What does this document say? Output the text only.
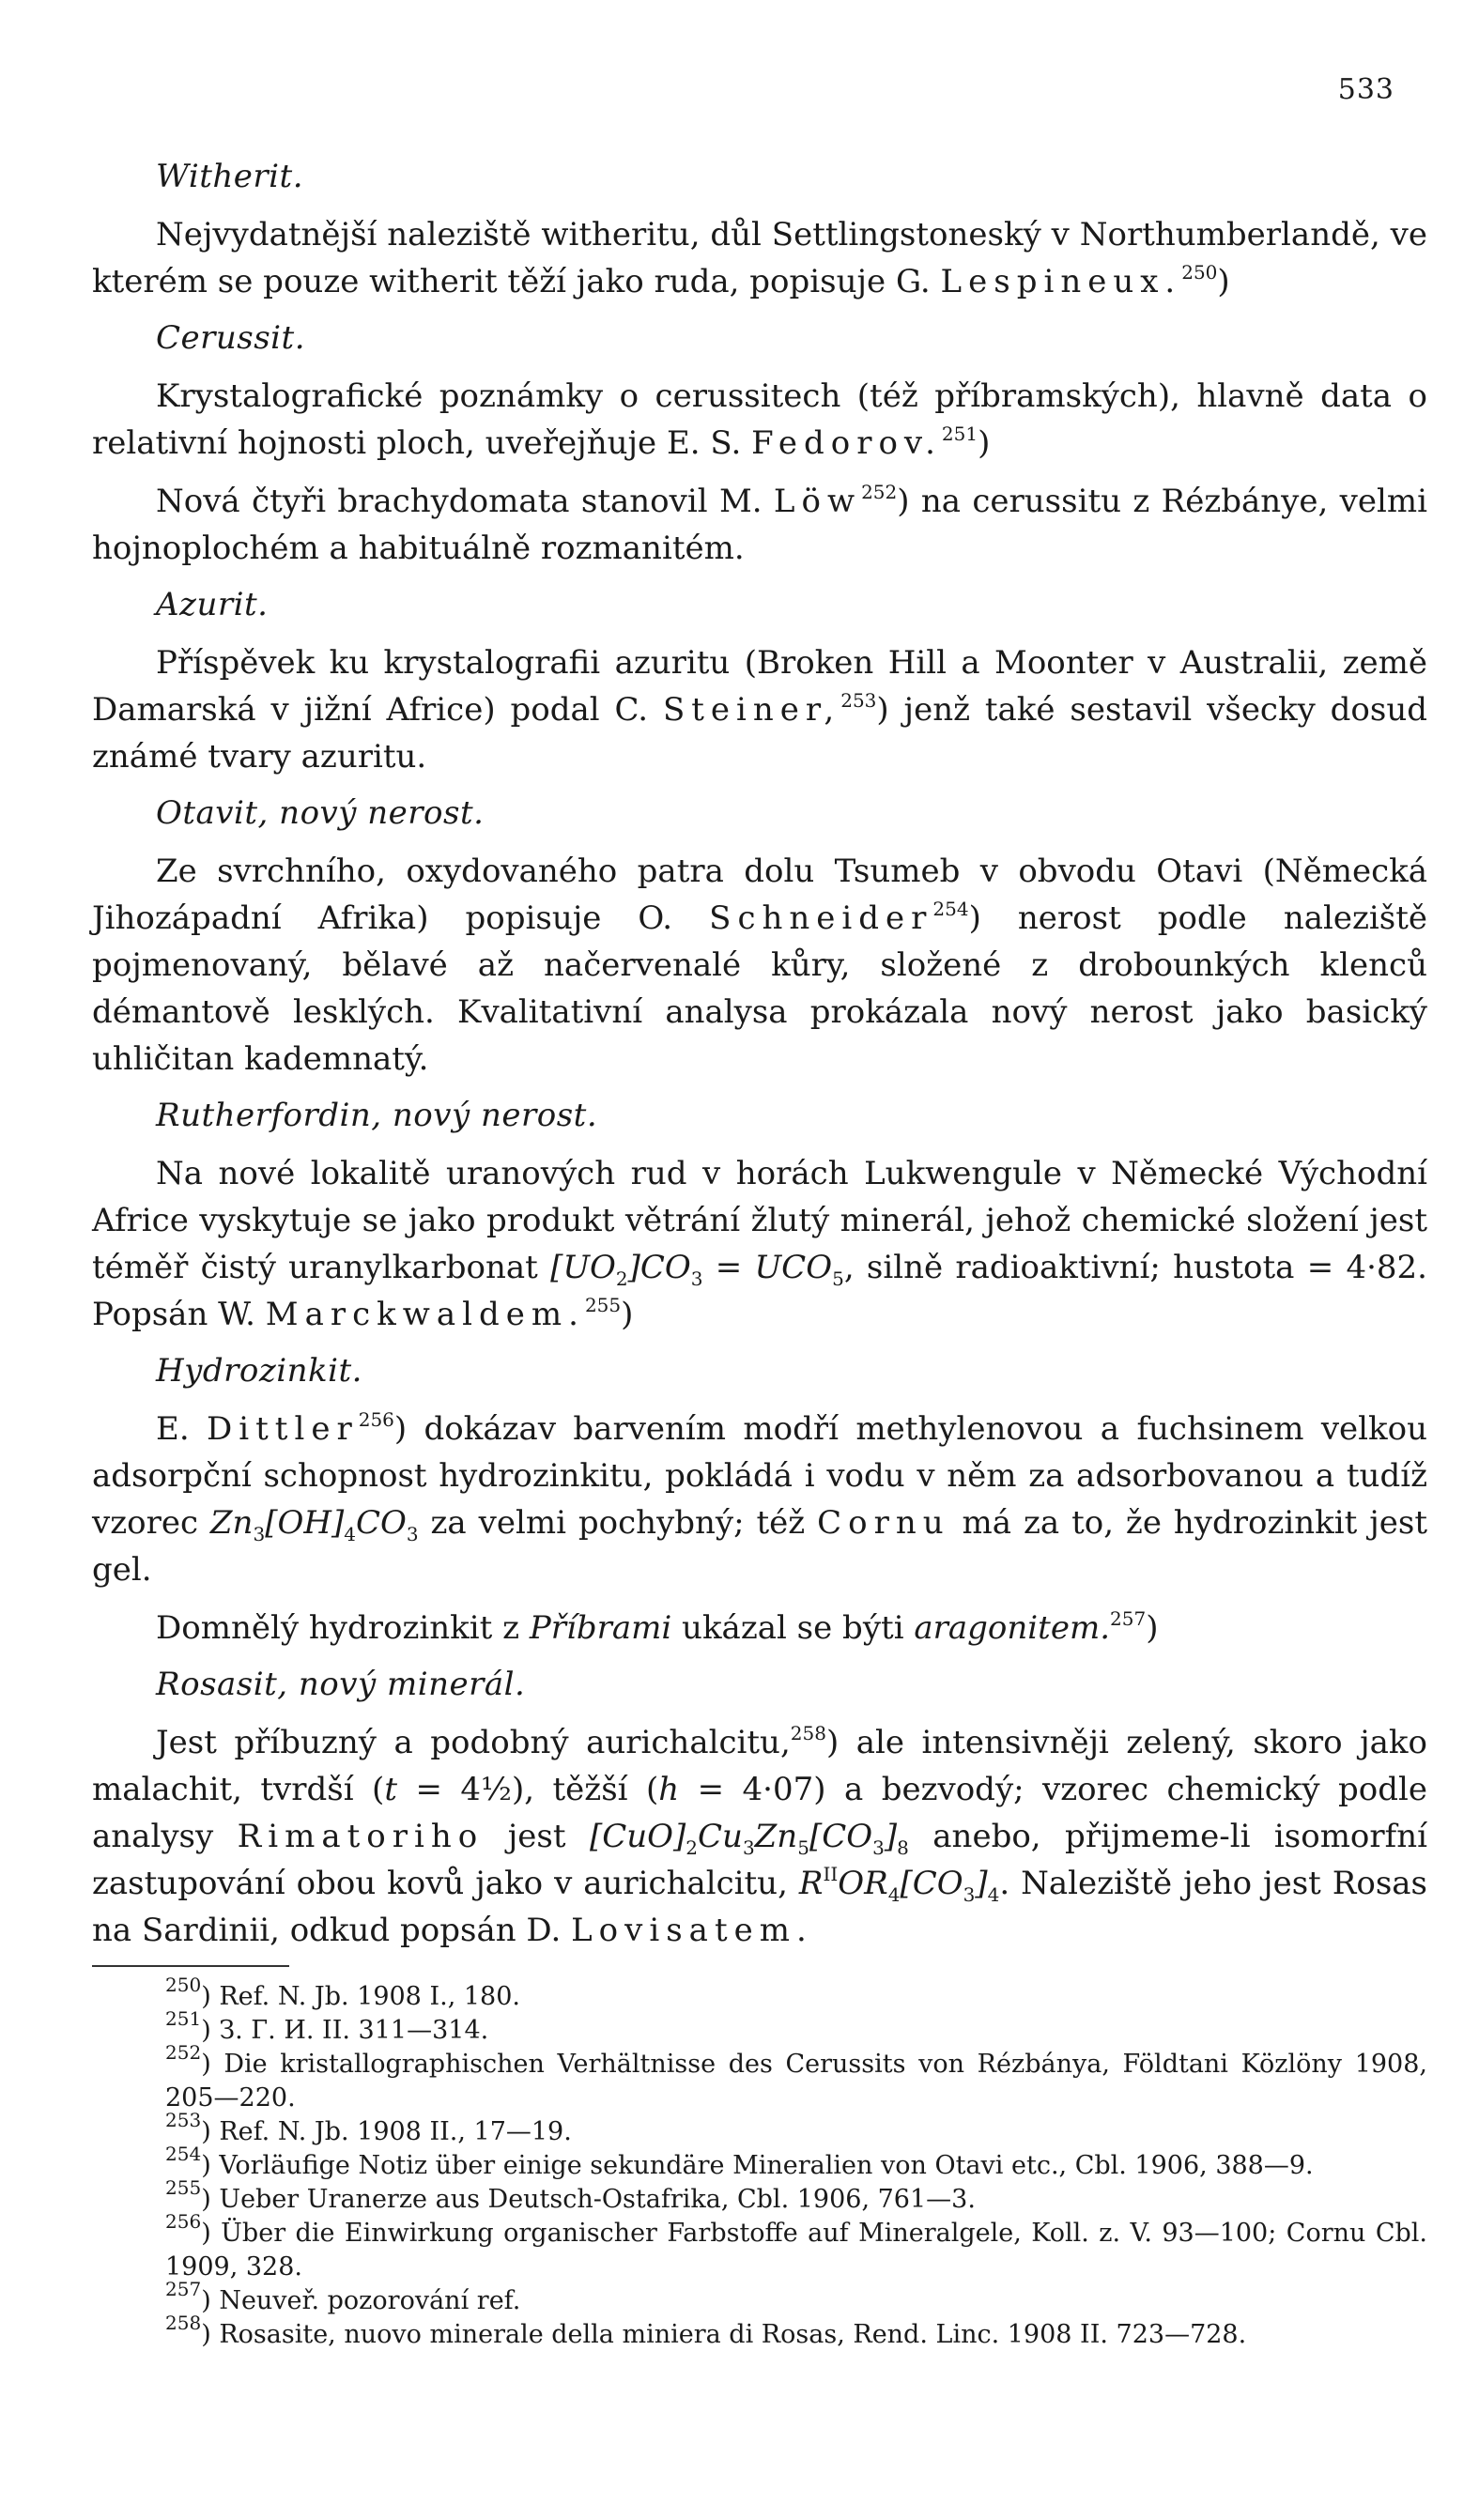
533
Witherit.

Nejvydatnější naleziště witheritu, důl Settlingstoneský v Northumberlandě, ve kterém se pouze witherit těží jako ruda, popisuje G. Lespineux.$^{250}$)

Cerussit.

Krystalografické poznámky o cerussitech (též příbramských), hlavně data o relativní hojnosti ploch, uveřejňuje E. S. Fedorov.$^{251}$)

Nová čtyři brachydomata stanovil M. Löw$^{252}$) na cerussitu z Rézbánye, velmi hojnoplochém a habituálně rozmanitém.

Azurit.

Příspěvek ku krystalografii azuritu (Broken Hill a Moonter v Australii, země Damarská v jižní Africe) podal C. Steiner,$^{253}$) jenž také sestavil všecky dosud známé tvary azuritu.

Otavit, nový nerost.

Ze svrchního, oxydovaného patra dolu Tsumeb v obvodu Otavi (Německá Jihozápadní Afrika) popisuje O. Schneider$^{254}$) nerost podle naleziště pojmenovaný, bělavé až načervenalé kůry, složené z drobounkých klenců démantově lesklých. Kvalitativní analysa prokázala nový nerost jako basický uhličitan kademnatý.

Rutherfordin, nový nerost.

Na nové lokalitě uranových rud v horách Lukwengule v Německé Východní Africe vyskytuje se jako produkt větrání žlutý minerál, jehož chemické složení jest téměř čistý uranylkarbonat $[UO_2]CO_3 = UCO_5$, silně radioaktivní; hustota = 4·82. Popsán W. Marckwaldem.$^{255}$)

Hydrozinkit.

E. Dittler$^{256}$) dokázav barvením modří methylenovou a fuchsinem velkou adsorpční schopnost hydrozinkitu, pokládá i vodu v něm za adsorbovanou a tudíž vzorec $Zn_3[OH]_4CO_3$ za velmi pochybný; též Cornu má za to, že hydrozinkit jest gel.

Domnělý hydrozinkit z Příbrami ukázal se býti aragonitem.$^{257}$)

Rosasit, nový minerál.

Jest příbuzný a podobný aurichalcitu,$^{258}$) ale intensivněji zelený, skoro jako malachit, tvrdší (t = 4½), těžší (h = 4·07) a bezvodý; vzorec chemický podle analysy Rimatoriho jest $[CuO]_2Cu_3Zn_5[CO_3]_8$ anebo, přijmeme-li isomorfní zastupování obou kovů jako v aurichalcitu, $R^{II}OR_4[CO_3]_4$. Naleziště jeho jest Rosas na Sardinii, odkud popsán D. Lovisatem.

$^{250}$) Ref. N. Jb. 1908 I., 180.

$^{251}$) З. Г. И. II. 311—314.

$^{252}$) Die kristallographischen Verhältnisse des Cerussits von Rézbánya, Földtani Közlöny 1908, 205—220.

$^{253}$) Ref. N. Jb. 1908 II., 17—19.

$^{254}$) Vorläufige Notiz über einige sekundäre Mineralien von Otavi etc., Cbl. 1906, 388—9.

$^{255}$) Ueber Uranerze aus Deutsch-Ostafrika, Cbl. 1906, 761—3.

$^{256}$) Über die Einwirkung organischer Farbstoffe auf Mineralgele, Koll. z. V. 93—100; Cornu Cbl. 1909, 328.

$^{257}$) Neuveř. pozorování ref.

$^{258}$) Rosasite, nuovo minerale della miniera di Rosas, Rend. Linc. 1908 II. 723—728.
